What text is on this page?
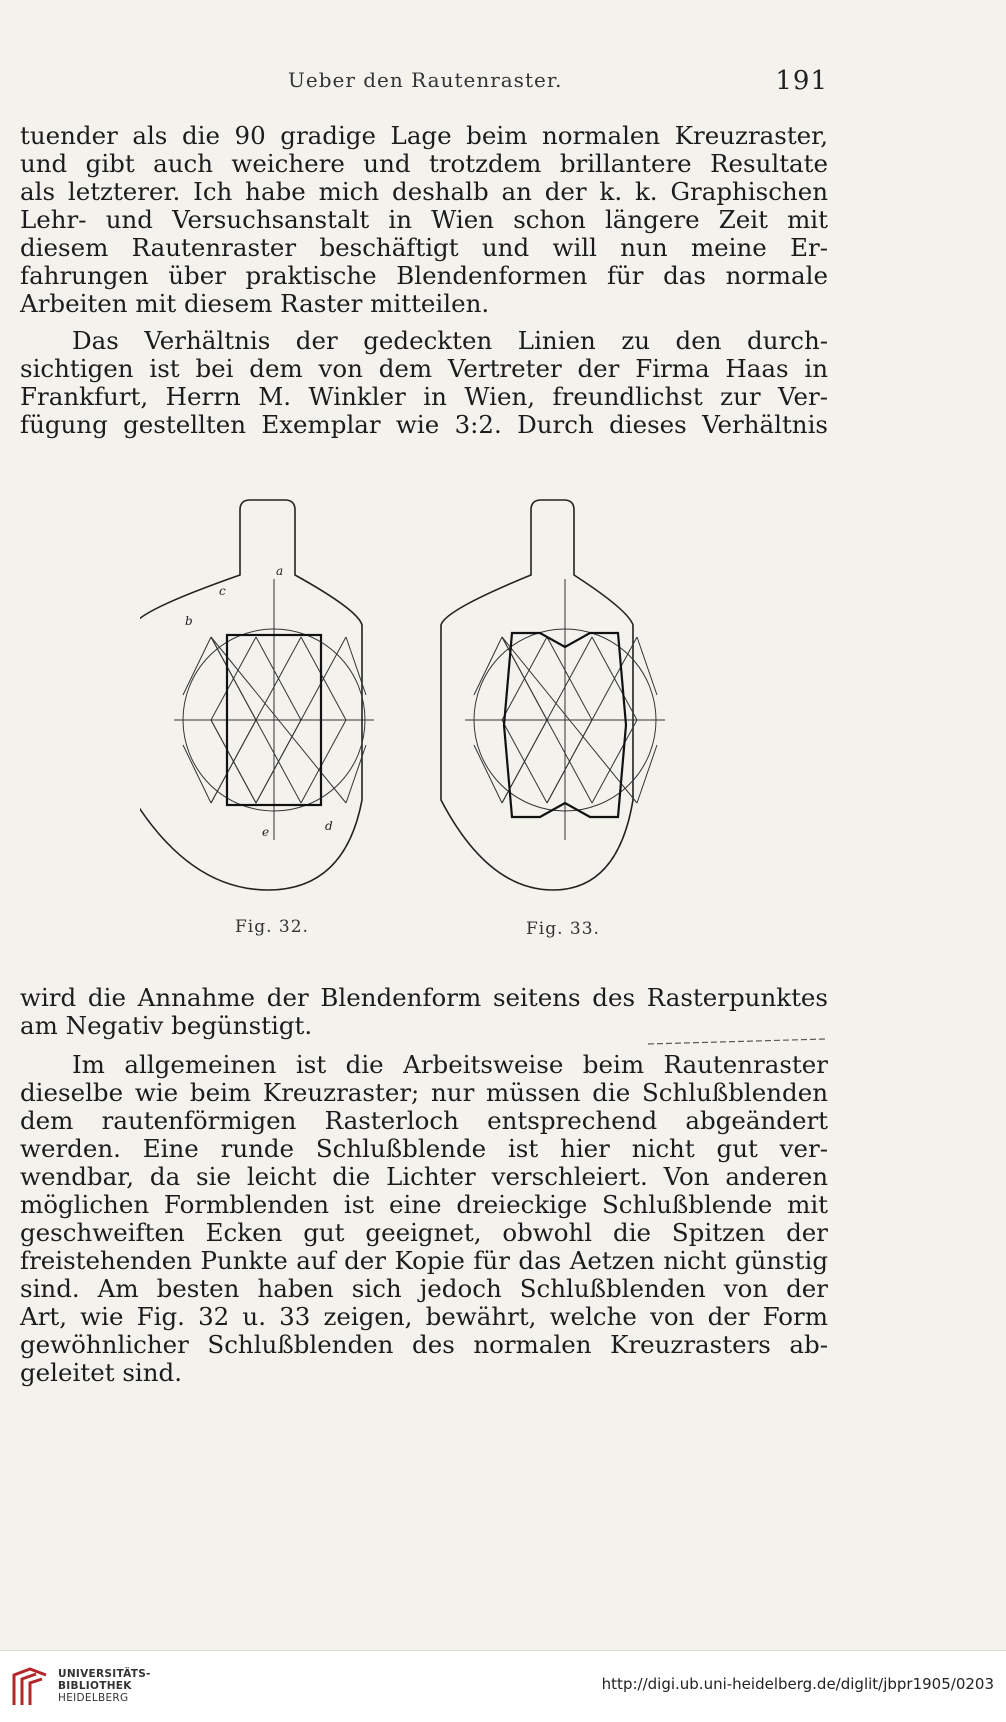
Ueber den Rautenraster.	191
tuender als die 90 gradige Lage beim normalen Kreuzraster,
und gibt auch weichere und trotzdem brillantere Resultate
als letzterer. Ich habe mich deshalb an der k. k. Graphischen
Lehr- und Versuchsanstalt in Wien schon längere Zeit mit
diesem Rautenraster beschäftigt und will nun meine Er-
fahrungen über praktische Blendenformen für das normale
Arbeiten mit diesem Raster mitteilen.
Das Verhältnis der gedeckten Linien zu den durch-
sichtigen ist bei dem von dem Vertreter der Firma Haas in
Frankfurt, Herrn M. Winkler in Wien, freundlichst zur Ver-
fügung gestellten Exemplar wie 3:2. Durch dieses Verhältnis
a
b
c
d
e
Fig. 32.	Fig. 33.
wird die Annahme der Blendenform seitens des Rasterpunktes
am Negativ begünstigt.
Im allgemeinen ist die Arbeitsweise beim Rautenraster
dieselbe wie beim Kreuzraster; nur müssen die Schlußblenden
dem rautenförmigen Rasterloch entsprechend abgeändert
werden. Eine runde Schlußblende ist hier nicht gut ver-
wendbar, da sie leicht die Lichter verschleiert. Von anderen
möglichen Formblenden ist eine dreieckige Schlußblende mit
geschweiften Ecken gut geeignet, obwohl die Spitzen der
freistehenden Punkte auf der Kopie für das Aetzen nicht günstig
sind. Am besten haben sich jedoch Schlußblenden von der
Art, wie Fig. 32 u. 33 zeigen, bewährt, welche von der Form
gewöhnlicher Schlußblenden des normalen Kreuzrasters ab-
geleitet sind.
UNIVERSITÄTS-
BIBLIOTHEK
HEIDELBERG
http://digi.ub.uni-heidelberg.de/diglit/jbpr1905/0203
